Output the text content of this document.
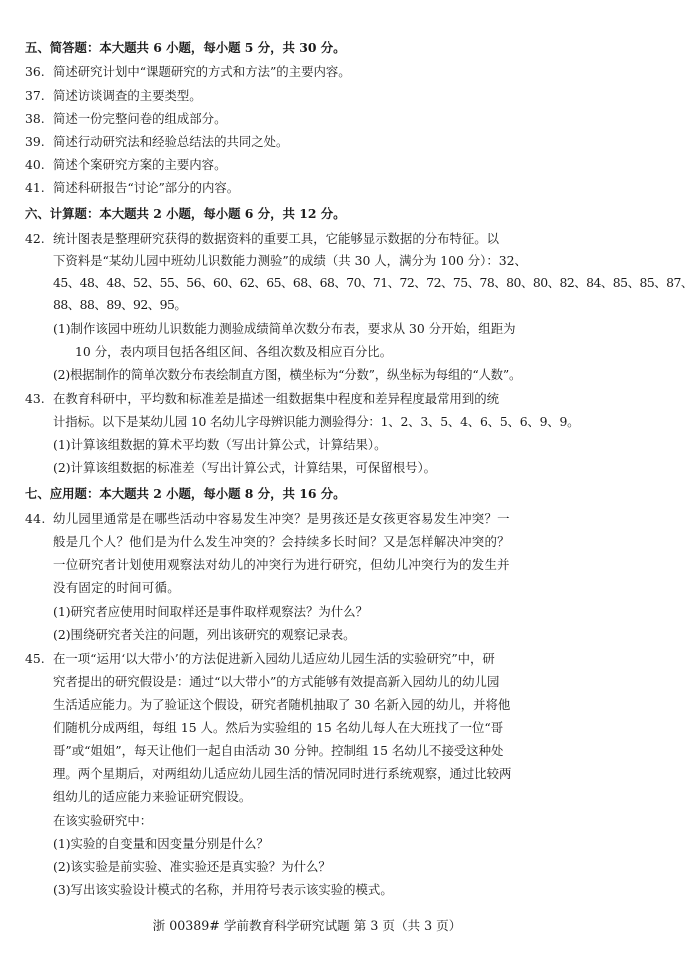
五、简答题：本大题共 6 小题，每小题 5 分，共 30 分。
36. 简述研究计划中“课题研究的方式和方法”的主要内容。
37. 简述访谈调查的主要类型。
38. 简述一份完整问卷的组成部分。
39. 简述行动研究法和经验总结法的共同之处。
40. 简述个案研究方案的主要内容。
41. 简述科研报告“讨论”部分的内容。
六、计算题：本大题共 2 小题，每小题 6 分，共 12 分。
42. 统计图表是整理研究获得的数据资料的重要工具，它能够显示数据的分布特征。以
下资料是“某幼儿园中班幼儿识数能力测验”的成绩（共 30 人，满分为 100 分）：32、
45、48、48、52、55、56、60、62、65、68、68、70、71、72、72、75、78、80、80、82、84、85、85、87、
88、88、89、92、95。
(1)制作该园中班幼儿识数能力测验成绩简单次数分布表，要求从 30 分开始，组距为
10 分，表内项目包括各组区间、各组次数及相应百分比。
(2)根据制作的简单次数分布表绘制直方图，横坐标为“分数”，纵坐标为每组的“人数”。
43. 在教育科研中，平均数和标准差是描述一组数据集中程度和差异程度最常用到的统
计指标。以下是某幼儿园 10 名幼儿字母辨识能力测验得分：1、2、3、5、4、6、5、6、9、9。
(1)计算该组数据的算术平均数（写出计算公式，计算结果）。
(2)计算该组数据的标准差（写出计算公式，计算结果，可保留根号）。
七、应用题：本大题共 2 小题，每小题 8 分，共 16 分。
44. 幼儿园里通常是在哪些活动中容易发生冲突？是男孩还是女孩更容易发生冲突？一
般是几个人？他们是为什么发生冲突的？会持续多长时间？又是怎样解决冲突的？
一位研究者计划使用观察法对幼儿的冲突行为进行研究，但幼儿冲突行为的发生并
没有固定的时间可循。
(1)研究者应使用时间取样还是事件取样观察法？为什么？
(2)围绕研究者关注的问题，列出该研究的观察记录表。
45. 在一项“运用‘以大带小’的方法促进新入园幼儿适应幼儿园生活的实验研究”中，研
究者提出的研究假设是：通过“以大带小”的方式能够有效提高新入园幼儿的幼儿园
生活适应能力。为了验证这个假设，研究者随机抽取了 30 名新入园的幼儿，并将他
们随机分成两组，每组 15 人。然后为实验组的 15 名幼儿每人在大班找了一位“哥
哥”或“姐姐”，每天让他们一起自由活动 30 分钟。控制组 15 名幼儿不接受这种处
理。两个星期后，对两组幼儿适应幼儿园生活的情况同时进行系统观察，通过比较两
组幼儿的适应能力来验证研究假设。
在该实验研究中：
(1)实验的自变量和因变量分别是什么？
(2)该实验是前实验、准实验还是真实验？为什么？
(3)写出该实验设计模式的名称，并用符号表示该实验的模式。
浙 00389# 学前教育科学研究试题 第 3 页（共 3 页）
